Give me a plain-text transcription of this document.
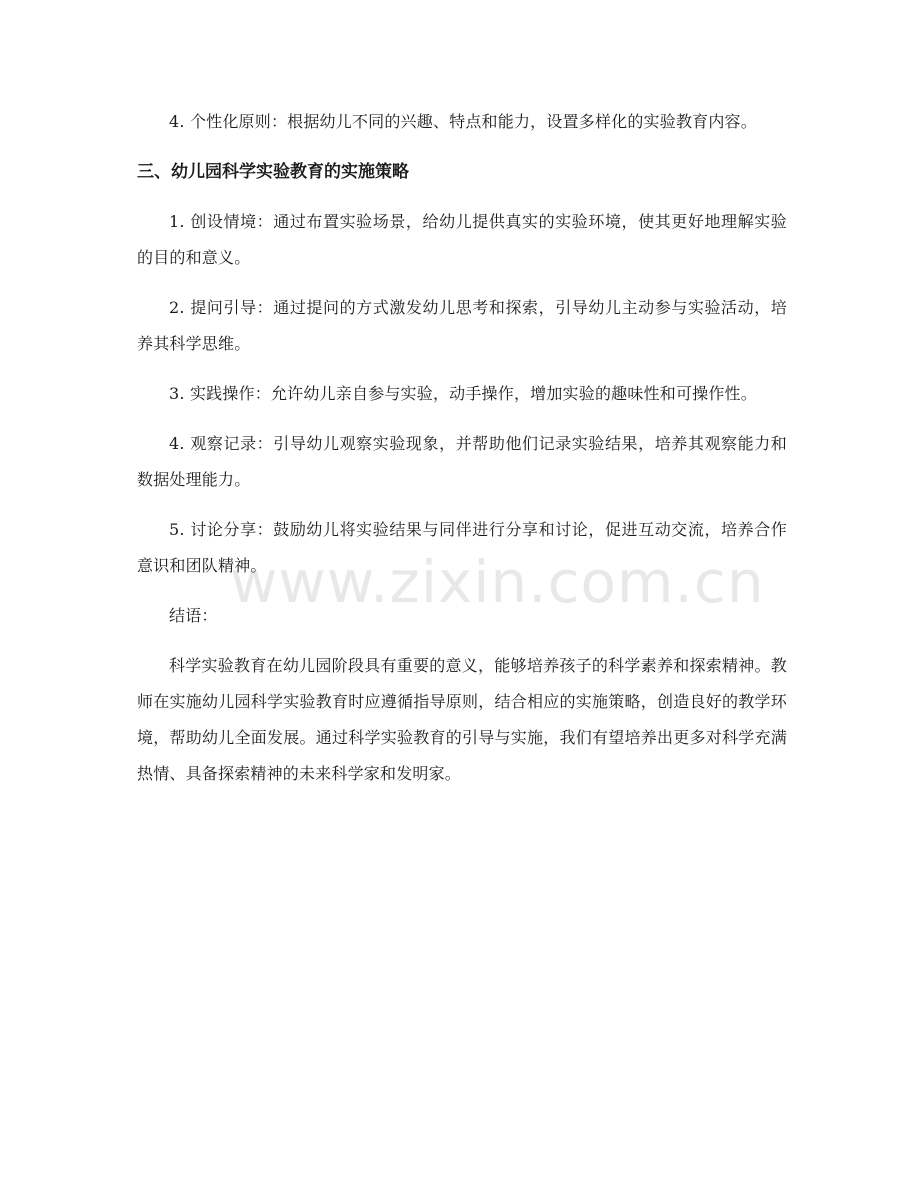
4. 个性化原则：根据幼儿不同的兴趣、特点和能力，设置多样化的实验教育内容。

三、幼儿园科学实验教育的实施策略

1. 创设情境：通过布置实验场景，给幼儿提供真实的实验环境，使其更好地理解实验的目的和意义。

2. 提问引导：通过提问的方式激发幼儿思考和探索，引导幼儿主动参与实验活动，培养其科学思维。

3. 实践操作：允许幼儿亲自参与实验，动手操作，增加实验的趣味性和可操作性。

4. 观察记录：引导幼儿观察实验现象，并帮助他们记录实验结果，培养其观察能力和数据处理能力。

5. 讨论分享：鼓励幼儿将实验结果与同伴进行分享和讨论，促进互动交流，培养合作意识和团队精神。

结语：

科学实验教育在幼儿园阶段具有重要的意义，能够培养孩子的科学素养和探索精神。教师在实施幼儿园科学实验教育时应遵循指导原则，结合相应的实施策略，创造良好的教学环境，帮助幼儿全面发展。通过科学实验教育的引导与实施，我们有望培养出更多对科学充满热情、具备探索精神的未来科学家和发明家。

www.zixin.com.cn
